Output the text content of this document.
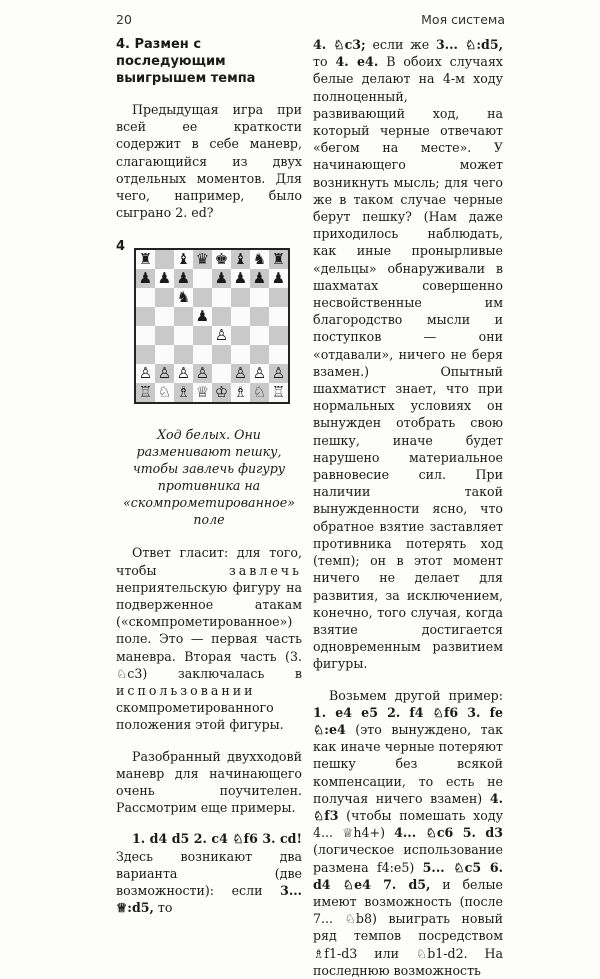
20	Моя система
4. Размен с последующим выигрышем темпа

Предыдущая игра при всей ее краткости содержит в себе маневр, слагающийся из двух отдельных моментов. Для чего, например, было сыграно 2. ed?

4
♜ ♝ ♛ ♚ ♝ ♞ ♜
♟ ♟ ♟ ♟ ♟ ♟ ♟
♞
♟
♙
♙ ♙ ♙ ♙ ♙ ♙ ♙
♖ ♘ ♗ ♕ ♔ ♗ ♘ ♖
Ход белых. Они разменивают пешку, чтобы завлечь фигуру противника на «скомпрометированное» поле

Ответ гласит: для того, чтобы	завлечь неприятельскую фигуру на подверженное атакам («скомпрометированное») поле. Это — первая часть маневра. Вторая часть (3. ♘c3) заключалась в использовании скомпрометированного положения этой фигуры.

Разобранный двухходовй маневр для начинающего очень поучителен. Рассмотрим еще примеры.

1. d4 d5 2. c4 ♘f6 3. cd! Здесь возникают два варианта (две возможности): если 3... ♕:d5, то

4. ♘c3; если же 3... ♘:d5, то 4. e4. В обоих случаях белые делают на 4-м ходу полноценный, развивающий ход, на который черные отвечают «бегом на месте». У начинающего может возникнуть мысль; для чего же в таком случае черные берут пешку? (Нам даже приходилось наблюдать, как иные пронырливые «дельцы» обнаруживали в шахматах совершенно несвойственные им благородство мысли и поступков — они «отдавали», ничего не беря взамен.) Опытный шахматист знает, что при нормальных условиях он вынужден отобрать свою пешку, иначе будет нарушено материальное равновесие сил. При наличии такой вынужденности ясно, что обратное взятие заставляет противника потерять ход (темп); он в этот момент ничего не делает для развития, за исключением, конечно, того случая, когда взятие достигается одновременным развитием фигуры.

Возьмем другой пример: 1. e4 e5 2. f4 ♘f6 3. fe ♘:e4 (это вынуждено, так как иначе черные потеряют пешку без всякой компенсации, то есть не получая ничего взамен) 4. ♘f3 (чтобы помешать ходу 4... ♕h4+) 4... ♘c6 5. d3 (логическое использование размена f4:e5) 5... ♘c5 6. d4 ♘e4 7. d5, и белые имеют возможность (после 7... ♘b8) выиграть новый ряд темпов посредством ♗f1-d3 или ♘b1-d2. На последнюю возможность
